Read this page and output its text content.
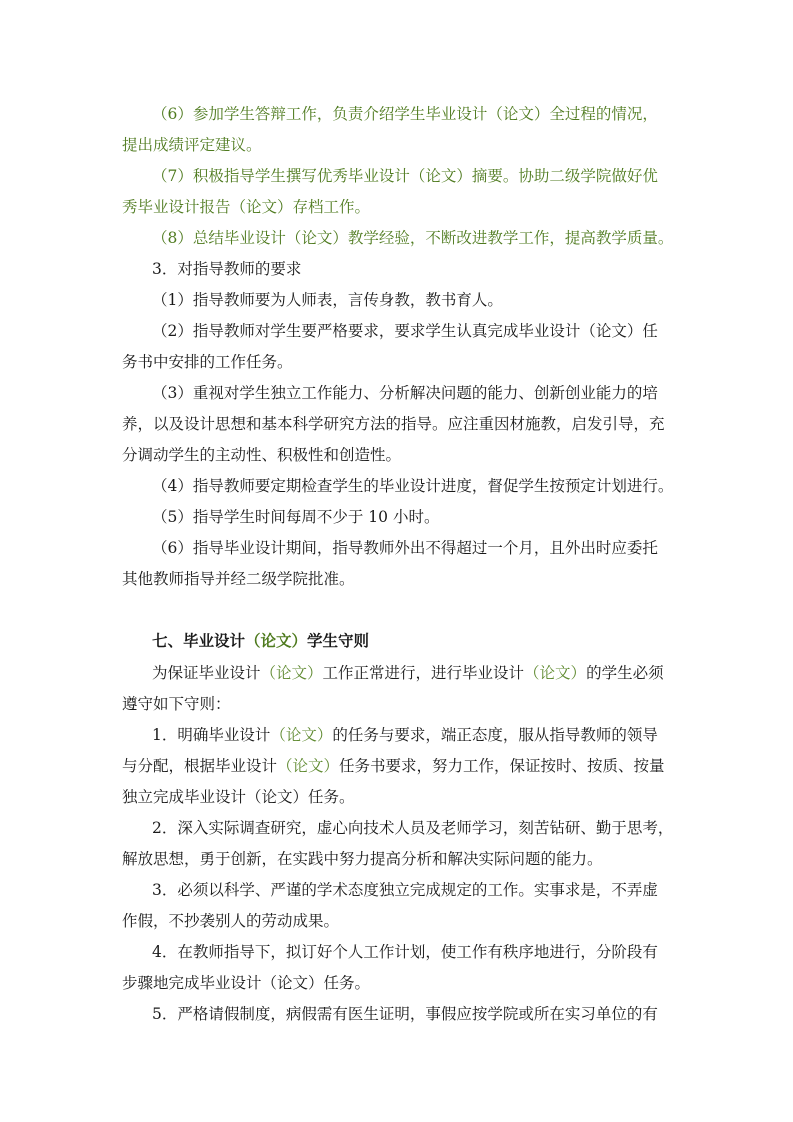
（6）参加学生答辩工作，负责介绍学生毕业设计（论文）全过程的情况，
提出成绩评定建议。
（7）积极指导学生撰写优秀毕业设计（论文）摘要。协助二级学院做好优
秀毕业设计报告（论文）存档工作。
（8）总结毕业设计（论文）教学经验，不断改进教学工作，提高教学质量。
3．对指导教师的要求
（1）指导教师要为人师表，言传身教，教书育人。
（2）指导教师对学生要严格要求，要求学生认真完成毕业设计（论文）任
务书中安排的工作任务。
（3）重视对学生独立工作能力、分析解决问题的能力、创新创业能力的培
养，以及设计思想和基本科学研究方法的指导。应注重因材施教，启发引导，充
分调动学生的主动性、积极性和创造性。
（4）指导教师要定期检查学生的毕业设计进度，督促学生按预定计划进行。
（5）指导学生时间每周不少于 10 小时。
（6）指导毕业设计期间，指导教师外出不得超过一个月，且外出时应委托
其他教师指导并经二级学院批准。
七、毕业设计（论文）学生守则
为保证毕业设计（论文）工作正常进行，进行毕业设计（论文）的学生必须
遵守如下守则：
1．明确毕业设计（论文）的任务与要求，端正态度，服从指导教师的领导
与分配，根据毕业设计（论文）任务书要求，努力工作，保证按时、按质、按量
独立完成毕业设计（论文）任务。
2．深入实际调查研究，虚心向技术人员及老师学习，刻苦钻研、勤于思考，
解放思想，勇于创新，在实践中努力提高分析和解决实际问题的能力。
3．必须以科学、严谨的学术态度独立完成规定的工作。实事求是，不弄虚
作假，不抄袭别人的劳动成果。
4．在教师指导下，拟订好个人工作计划，使工作有秩序地进行，分阶段有
步骤地完成毕业设计（论文）任务。
5．严格请假制度，病假需有医生证明，事假应按学院或所在实习单位的有
